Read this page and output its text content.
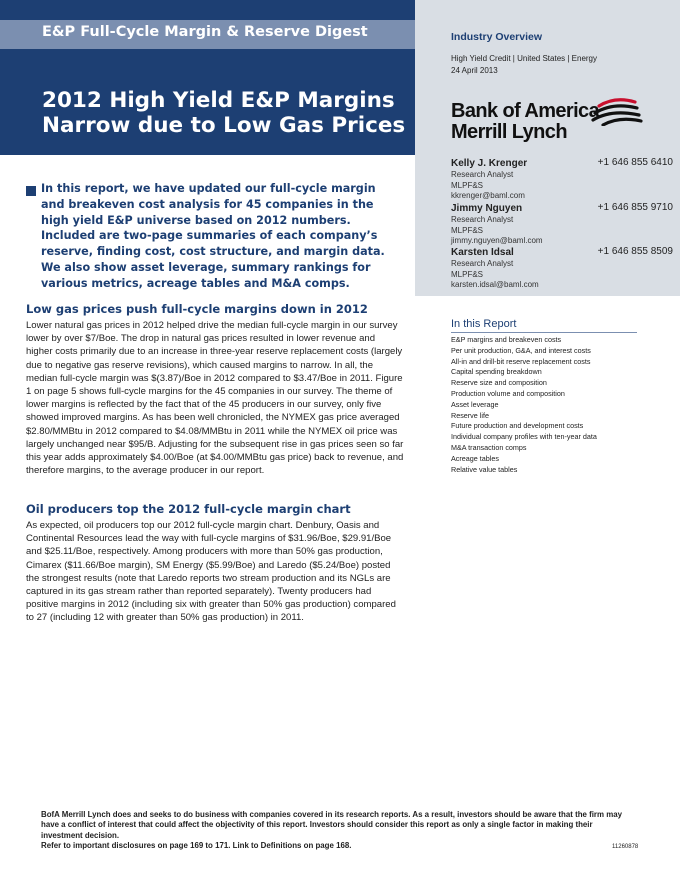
E&P Full-Cycle Margin & Reserve Digest
2012 High Yield E&P Margins Narrow due to Low Gas Prices
Industry Overview
High Yield Credit | United States | Energy
24 April 2013
Bank of America
Merrill Lynch
Kelly J. Krenger	+1 646 855 6410
Research Analyst
MLPF&S
kkrenger@baml.com
Jimmy Nguyen	+1 646 855 9710
Research Analyst
MLPF&S
jimmy.nguyen@baml.com
Karsten Idsal	+1 646 855 8509
Research Analyst
MLPF&S
karsten.idsal@baml.com
In this Report
E&P margins and breakeven costs
Per unit production, G&A, and interest costs
All-in and drill-bit reserve replacement costs
Capital spending breakdown
Reserve size and composition
Production volume and composition
Asset leverage
Reserve life
Future production and development costs
Individual company profiles with ten-year data
M&A transaction comps
Acreage tables
Relative value tables

In this report, we have updated our full-cycle margin and breakeven cost analysis for 45 companies in the high yield E&P universe based on 2012 numbers. Included are two-page summaries of each company’s reserve, finding cost, cost structure, and margin data. We also show asset leverage, summary rankings for various metrics, acreage tables and M&A comps.

Low gas prices push full-cycle margins down in 2012

Lower natural gas prices in 2012 helped drive the median full-cycle margin in our survey lower by over $7/Boe. The drop in natural gas prices resulted in lower revenue and higher costs primarily due to an increase in three-year reserve replacement costs (largely due to negative gas reserve revisions), which caused margins to narrow. In all, the median full-cycle margin was $(3.87)/Boe in 2012 compared to $3.47/Boe in 2011. Figure 1 on page 5 shows full-cycle margins for the 45 companies in our survey. The theme of lower margins is reflected by the fact that of the 45 producers in our survey, only five showed improved margins. As has been well chronicled, the NYMEX gas price averaged $2.80/MMBtu in 2012 compared to $4.08/MMBtu in 2011 while the NYMEX oil price was largely unchanged near $95/B. Adjusting for the subsequent rise in gas prices seen so far this year adds approximately $4.00/Boe (at $4.00/MMBtu gas price) back to revenue, and therefore margins, to the average producer in our report.

Oil producers top the 2012 full-cycle margin chart

As expected, oil producers top our 2012 full-cycle margin chart. Denbury, Oasis and Continental Resources lead the way with full-cycle margins of $31.96/Boe, $29.91/Boe and $25.11/Boe, respectively. Among producers with more than 50% gas production, Cimarex ($11.66/Boe margin), SM Energy ($5.99/Boe) and Laredo ($5.24/Boe) posted the strongest results (note that Laredo reports two stream production and its NGLs are captured in its gas stream rather than reported separately). Twenty producers had positive margins in 2012 (including six with greater than 50% gas production) compared to 27 (including 12 with greater than 50% gas production) in 2011.

BofA Merrill Lynch does and seeks to do business with companies covered in its research reports. As a result, investors should be aware that the firm may have a conflict of interest that could affect the objectivity of this report. Investors should consider this report as only a single factor in making their investment decision.
Refer to important disclosures on page 169 to 171. Link to Definitions on page 168.	11260878
